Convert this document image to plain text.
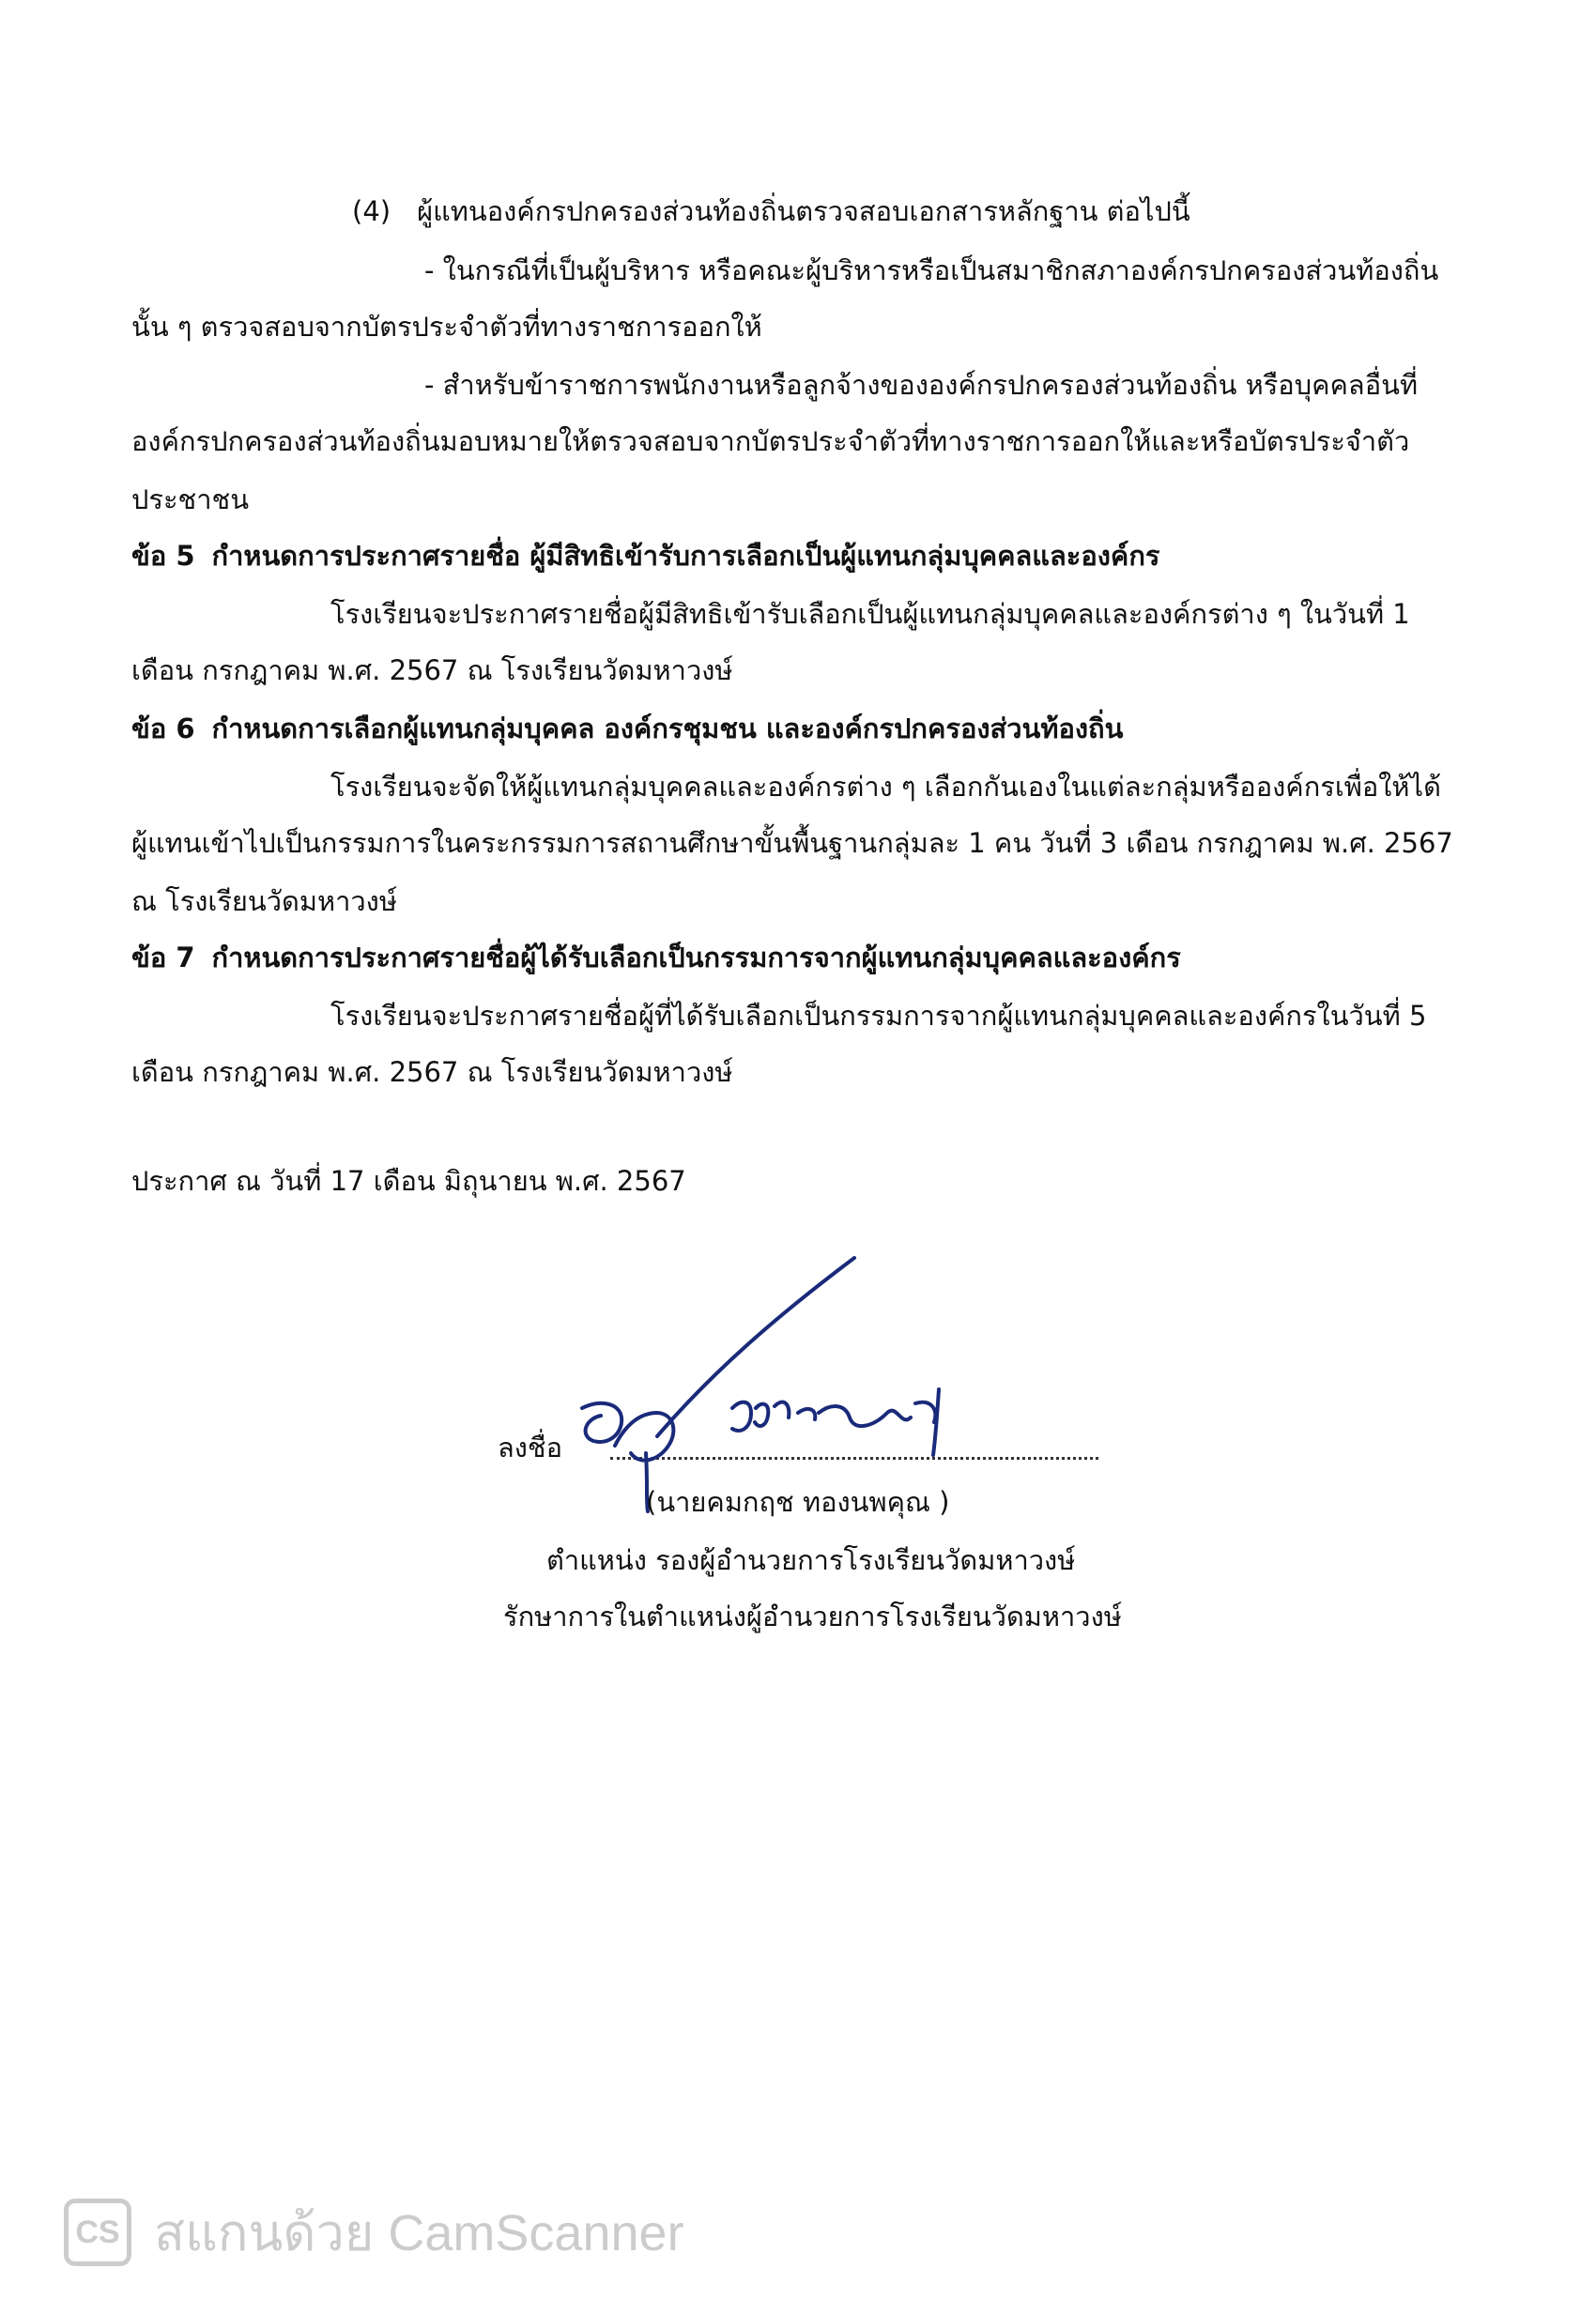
(4) ผู้แทนองค์กรปกครองส่วนท้องถิ่นตรวจสอบเอกสารหลักฐาน ต่อไปนี้
- ในกรณีที่เป็นผู้บริหาร หรือคณะผู้บริหารหรือเป็นสมาชิกสภาองค์กรปกครองส่วนท้องถิ่น
นั้น ๆ ตรวจสอบจากบัตรประจำตัวที่ทางราชการออกให้
- สำหรับข้าราชการพนักงานหรือลูกจ้างขององค์กรปกครองส่วนท้องถิ่น หรือบุคคลอื่นที่
องค์กรปกครองส่วนท้องถิ่นมอบหมายให้ตรวจสอบจากบัตรประจำตัวที่ทางราชการออกให้และหรือบัตรประจำตัว
ประชาชน
ข้อ 5 กำหนดการประกาศรายชื่อ ผู้มีสิทธิเข้ารับการเลือกเป็นผู้แทนกลุ่มบุคคลและองค์กร
โรงเรียนจะประกาศรายชื่อผู้มีสิทธิเข้ารับเลือกเป็นผู้แทนกลุ่มบุคคลและองค์กรต่าง ๆ ในวันที่ 1
เดือน กรกฎาคม พ.ศ. 2567 ณ โรงเรียนวัดมหาวงษ์
ข้อ 6 กำหนดการเลือกผู้แทนกลุ่มบุคคล องค์กรชุมชน และองค์กรปกครองส่วนท้องถิ่น
โรงเรียนจะจัดให้ผู้แทนกลุ่มบุคคลและองค์กรต่าง ๆ เลือกกันเองในแต่ละกลุ่มหรือองค์กรเพื่อให้ได้
ผู้แทนเข้าไปเป็นกรรมการในคระกรรมการสถานศึกษาขั้นพื้นฐานกลุ่มละ 1 คน วันที่ 3 เดือน กรกฎาคม พ.ศ. 2567
ณ โรงเรียนวัดมหาวงษ์
ข้อ 7 กำหนดการประกาศรายชื่อผู้ได้รับเลือกเป็นกรรมการจากผู้แทนกลุ่มบุคคลและองค์กร
โรงเรียนจะประกาศรายชื่อผู้ที่ได้รับเลือกเป็นกรรมการจากผู้แทนกลุ่มบุคคลและองค์กรในวันที่ 5
เดือน กรกฎาคม พ.ศ. 2567 ณ โรงเรียนวัดมหาวงษ์
ประกาศ ณ วันที่ 17 เดือน มิถุนายน พ.ศ. 2567
ลงชื่อ
(นายคมกฤช ทองนพคุณ )
ตำแหน่ง รองผู้อำนวยการโรงเรียนวัดมหาวงษ์
รักษาการในตำแหน่งผู้อำนวยการโรงเรียนวัดมหาวงษ์
CS สแกนด้วย CamScanner
